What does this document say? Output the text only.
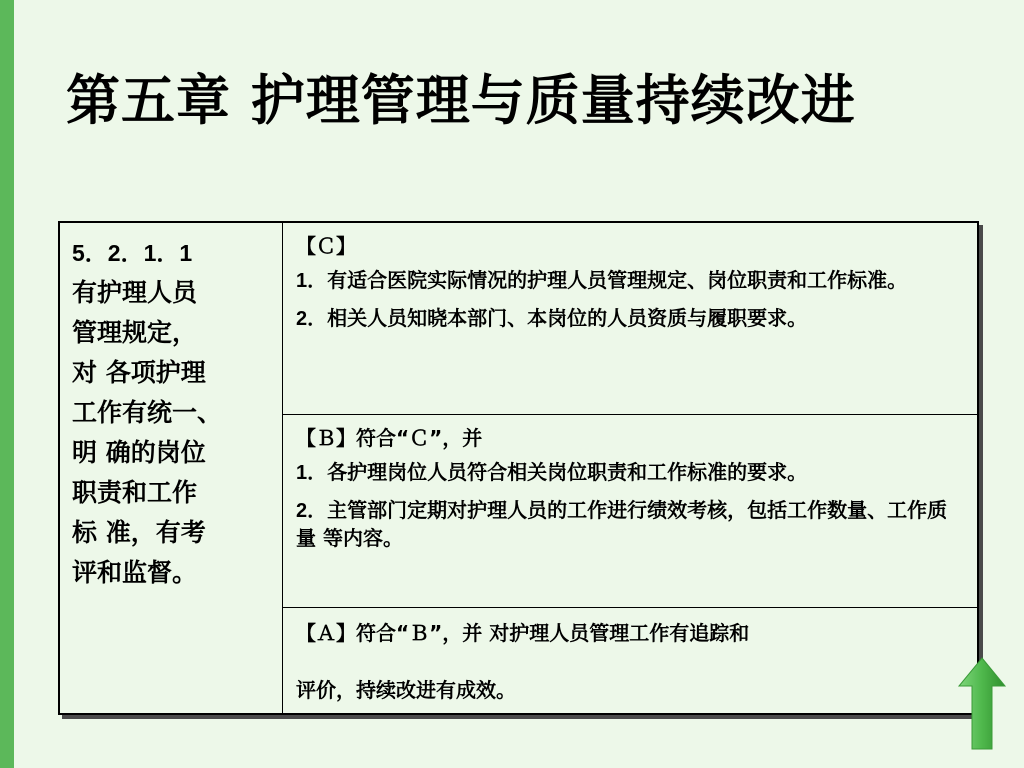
第五章 护理管理与质量持续改进
5．2．1．1
有护理人员
管理规定，
对 各项护理
工作有统一、
明 确的岗位
职责和工作
标 准，有考
评和监督。
【Ｃ】
1．有适合医院实际情况的护理人员管理规定、岗位职责和工作标准。
2．相关人员知晓本部门、本岗位的人员资质与履职要求。
【Ｂ】符合“Ｃ”，并
1．各护理岗位人员符合相关岗位职责和工作标准的要求。
2．主管部门定期对护理人员的工作进行绩效考核，包括工作数量、工作质量 等内容。
【Ａ】符合“Ｂ”，并 对护理人员管理工作有追踪和
评价，持续改进有成效。
